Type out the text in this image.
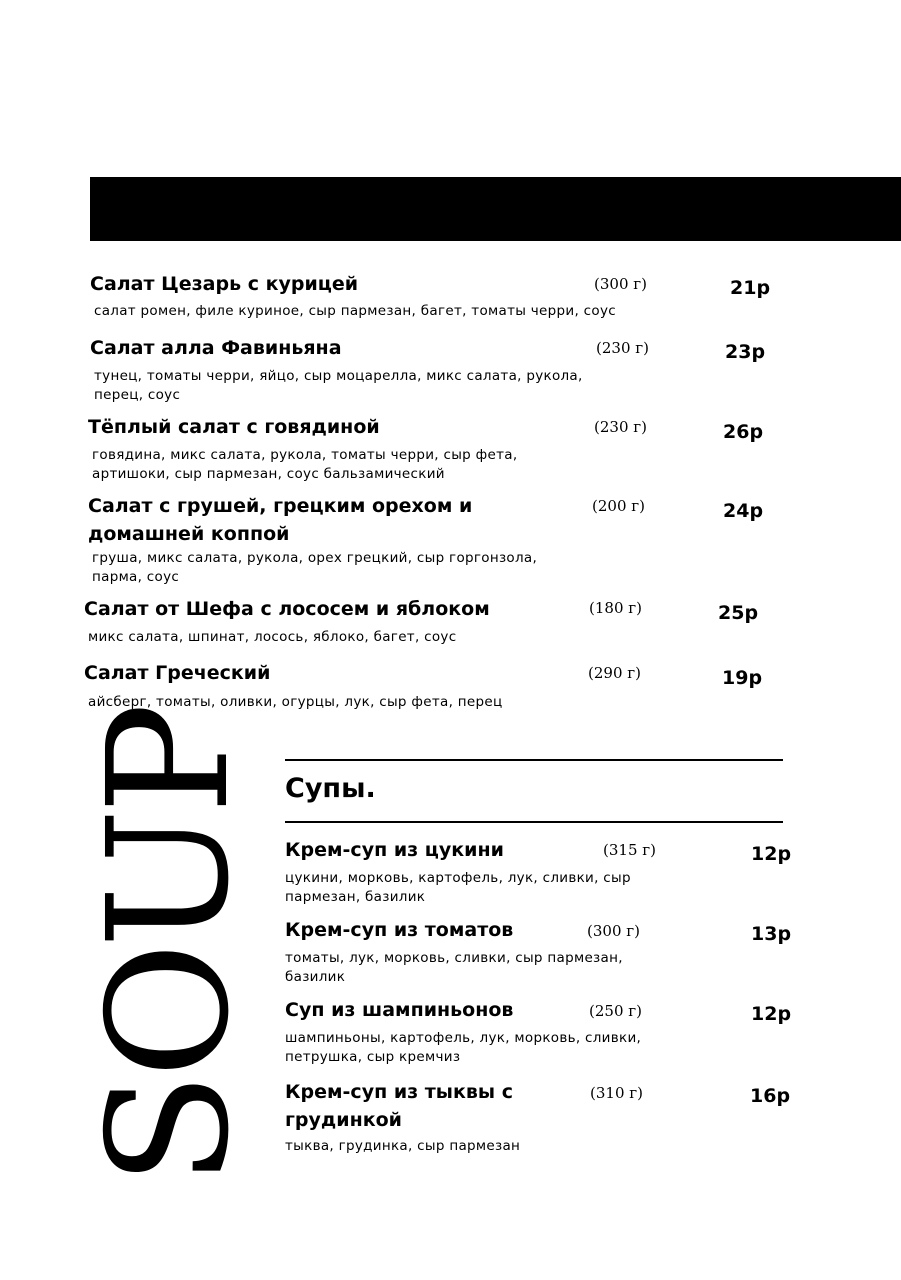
Салат Цезарь с курицей	(300 г)	21р
салат ромен, филе куриное, сыр пармезан, багет, томаты черри, соус
Салат алла Фавиньяна	(230 г)	23р
тунец, томаты черри, яйцо, сыр моцарелла, микс салата, рукола, перец, соус
Тёплый салат с говядиной	(230 г)	26р
говядина, микс салата, рукола, томаты черри, сыр фета, артишоки, сыр пармезан, соус бальзамический
Салат с грушей, грецким орехом и домашней коппой
(200 г)	24р
груша, микс салата, рукола, орех грецкий, сыр горгонзола, парма, соус
Салат от Шефа с лососем и яблоком	(180 г)	25р
микс салата, шпинат, лосось, яблоко, багет, соус
Салат Греческий	(290 г)	19р
айсберг, томаты, оливки, огурцы, лук, сыр фета, перец
SOUP Супы.
Крем-суп из цукини	(315 г)	12р
цукини, морковь, картофель, лук, сливки, сыр пармезан, базилик
Крем-суп из томатов	(300 г)	13р
томаты, лук, морковь, сливки, сыр пармезан, базилик
Суп из шампиньонов	(250 г)	12р
шампиньоны, картофель, лук, морковь, сливки, петрушка, сыр кремчиз
Крем-суп из тыквы с грудинкой
(310 г)	16р
тыква, грудинка, сыр пармезан
